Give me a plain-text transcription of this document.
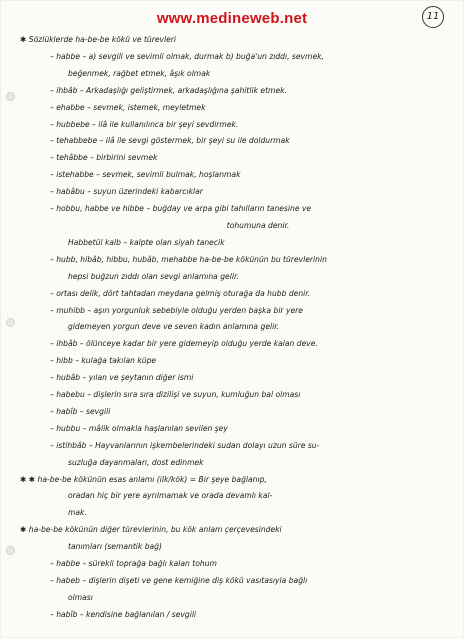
www.medineweb.net	11
✱ Sözlüklerde ha-be-be kökü ve türevleri
– habbe – a) sevgili ve sevimli olmak, durmak b) buğa'un zıddı, sevmek,
beğenmek, rağbet etmek, âşık olmak
– ihbâb – Arkadaşlığı geliştirmek, arkadaşlığına şahitlik etmek.
– ehabbe – sevmek, istemek, meyletmek
– hubbebe – ilâ ile kullanılınca bir şeyi sevdirmek.
– tehabbebe – ilâ ile sevgi göstermek, bir şeyi su ile doldurmak
– tehâbbe – birbirini sevmek
– istehabbe – sevmek, sevimli bulmak, hoşlanmak
– habâbu – suyun üzerindeki kabarcıklar
– hobbu, habbe ve hibbe – buğday ve arpa gibi tahılların tanesine ve
tohumuna denir.
Habbetül kalb – kalpte olan siyah tanecik
– hubb, hibâb, hibbu, hubâb, mehabbe ha-be-be kökünün bu türevlerinin
hepsi buğzun zıddı olan sevgi anlamına gelir.
– ortası delik, dört tahtadan meydana gelmiş oturağa da hubb denir.
– muhibb – aşırı yorgunluk sebebiyle olduğu yerden başka bir yere
gidemeyen yorgun deve ve seven kadın anlamına gelir.
– ihbâb – ölünceye kadar bir yere gidemeyip olduğu yerde kalan deve.
– hibb – kulağa takılan küpe
– hubâb – yılan ve şeytanın diğer ismi
– habebu – dişlerin sıra sıra dizilişi ve suyun, kumluğun bal olması
– habîb – sevgili
– hubbu – mâlik olmakla haşlanılan sevilen şey
– istihbâb – Hayvanlarının işkembelerindeki sudan dolayı uzun süre su-
suzluğa dayanmaları, dost edinmek
✱ ✱ ha-be-be kökünün esas anlamı (ilk/kök) = Bir şeye bağlanıp,
oradan hiç bir yere ayrılmamak ve orada devamlı kal-
mak.
✱ ha-be-be kökünün diğer türevlerinin, bu kök anlam çerçevesindeki
tanımları (semantik bağ)
– habbe – sürekli toprağa bağlı kalan tohum
– habeb – dişlerin dişeti ve gene kemiğine diş kökü vasıtasıyla bağlı
olması
– habîb – kendisine bağlanılan / sevgili
